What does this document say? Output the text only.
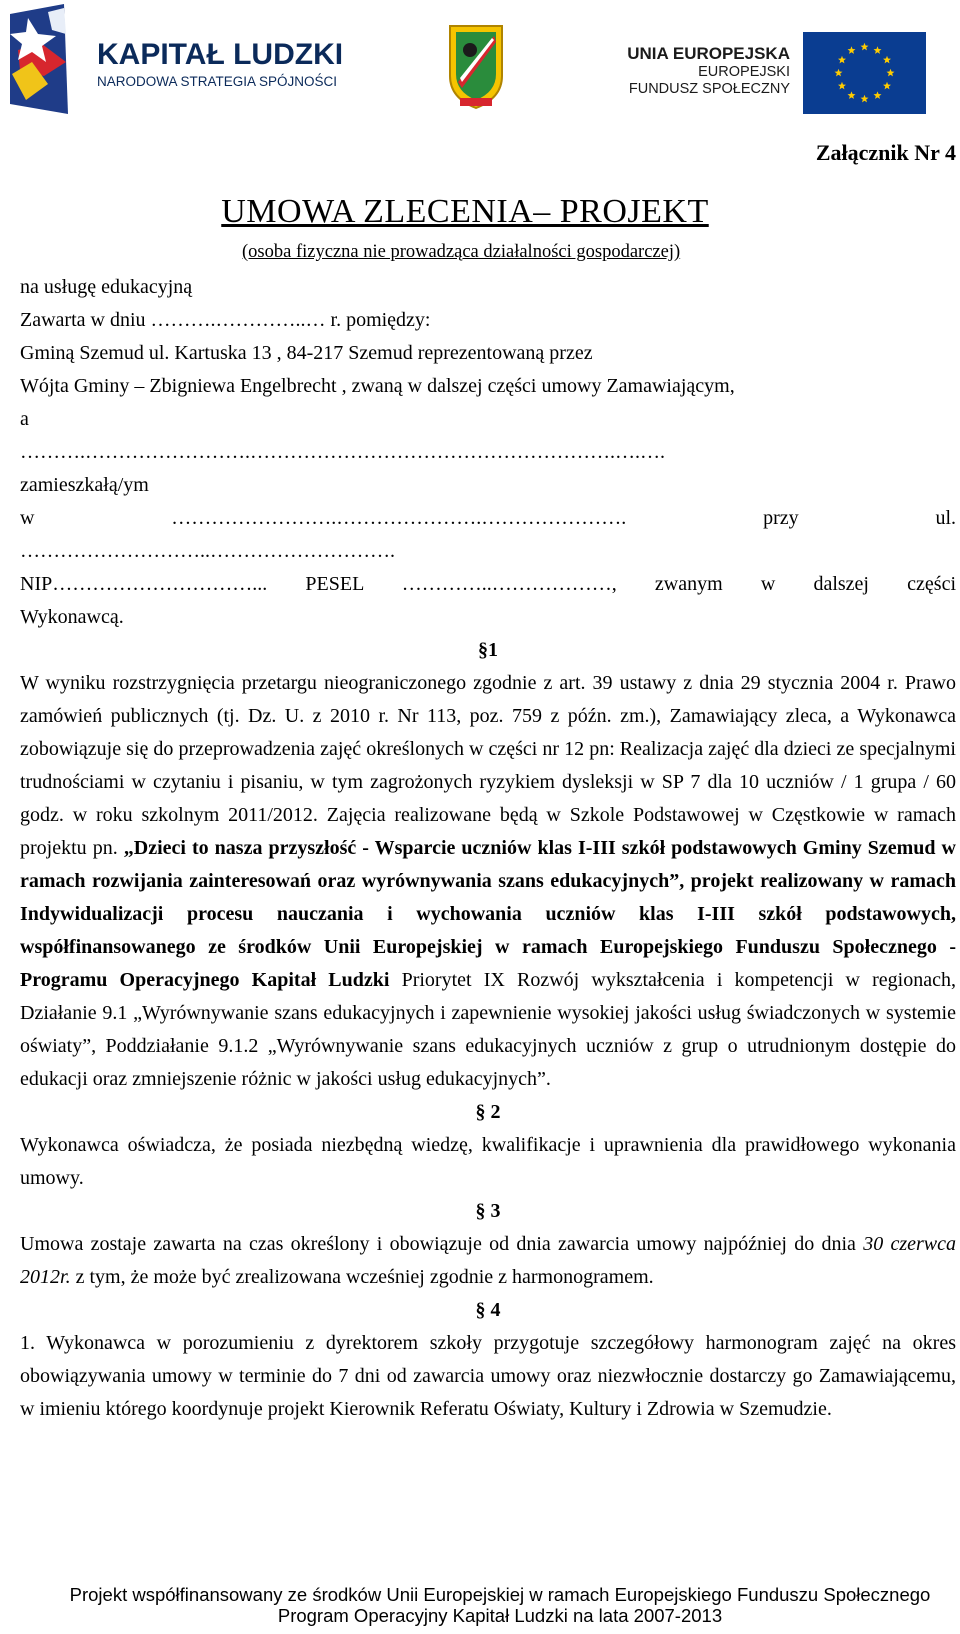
KAPITAŁ LUDZKI
NARODOWA STRATEGIA SPÓJNOŚCI
UNIA EUROPEJSKA
EUROPEJSKI
FUNDUSZ SPOŁECZNY
Załącznik Nr 4
UMOWA ZLECENIA– PROJEKT
(osoba fizyczna nie prowadząca działalności gospodarczej)

na usługę edukacyjną

Zawarta w dniu ……….…………..… r. pomiędzy:

Gminą Szemud ul. Kartuska 13 , 84-217 Szemud reprezentowaną przez

Wójta Gminy – Zbigniewa Engelbrecht , zwaną w dalszej części umowy Zamawiającym,

a

……….…………………….……………………………………………….….….

zamieszkałą/ym

w	…………………….………………….………………….	przy	ul.

………………………..……………………….

NIP…………………………... PESEL …………..………………, zwanym w dalszej części

Wykonawcą.

§1

W wyniku rozstrzygnięcia przetargu nieograniczonego zgodnie z art. 39 ustawy z dnia 29 stycznia 2004 r. Prawo zamówień publicznych (tj. Dz. U. z 2010 r. Nr 113, poz. 759 z późn. zm.), Zamawiający zleca, a Wykonawca zobowiązuje się do przeprowadzenia zajęć określonych w części nr 12 pn: Realizacja zajęć dla dzieci ze specjalnymi trudnościami w czytaniu i pisaniu, w tym zagrożonych ryzykiem dysleksji w SP 7 dla 10 uczniów / 1 grupa / 60 godz. w roku szkolnym 2011/2012. Zajęcia realizowane będą w Szkole Podstawowej w Częstkowie w ramach projektu pn. „Dzieci to nasza przyszłość - Wsparcie uczniów klas I-III szkół podstawowych Gminy Szemud w ramach rozwijania zainteresowań oraz wyrównywania szans edukacyjnych”, projekt realizowany w ramach Indywidualizacji procesu nauczania i wychowania uczniów klas I-III szkół podstawowych, współfinansowanego ze środków Unii Europejskiej w ramach Europejskiego Funduszu Społecznego - Programu Operacyjnego Kapitał Ludzki Priorytet IX Rozwój wykształcenia i kompetencji w regionach, Działanie 9.1 „Wyrównywanie szans edukacyjnych i zapewnienie wysokiej jakości usług świadczonych w systemie oświaty”, Poddziałanie 9.1.2 „Wyrównywanie szans edukacyjnych uczniów z grup o utrudnionym dostępie do edukacji oraz zmniejszenie różnic w jakości usług edukacyjnych”.

§ 2

Wykonawca oświadcza, że posiada niezbędną wiedzę, kwalifikacje i uprawnienia dla prawidłowego wykonania umowy.

§ 3

Umowa zostaje zawarta na czas określony i obowiązuje od dnia zawarcia umowy najpóźniej do dnia 30 czerwca 2012r. z tym, że może być zrealizowana wcześniej zgodnie z harmonogramem.

§ 4

1. Wykonawca w porozumieniu z dyrektorem szkoły przygotuje szczegółowy harmonogram zajęć na okres obowiązywania umowy w terminie do 7 dni od zawarcia umowy oraz niezwłocznie dostarczy go Zamawiającemu, w imieniu którego koordynuje projekt Kierownik Referatu Oświaty, Kultury i Zdrowia w Szemudzie.

Projekt współfinansowany ze środków Unii Europejskiej w ramach Europejskiego Funduszu Społecznego
Program Operacyjny Kapitał Ludzki na lata 2007-2013
